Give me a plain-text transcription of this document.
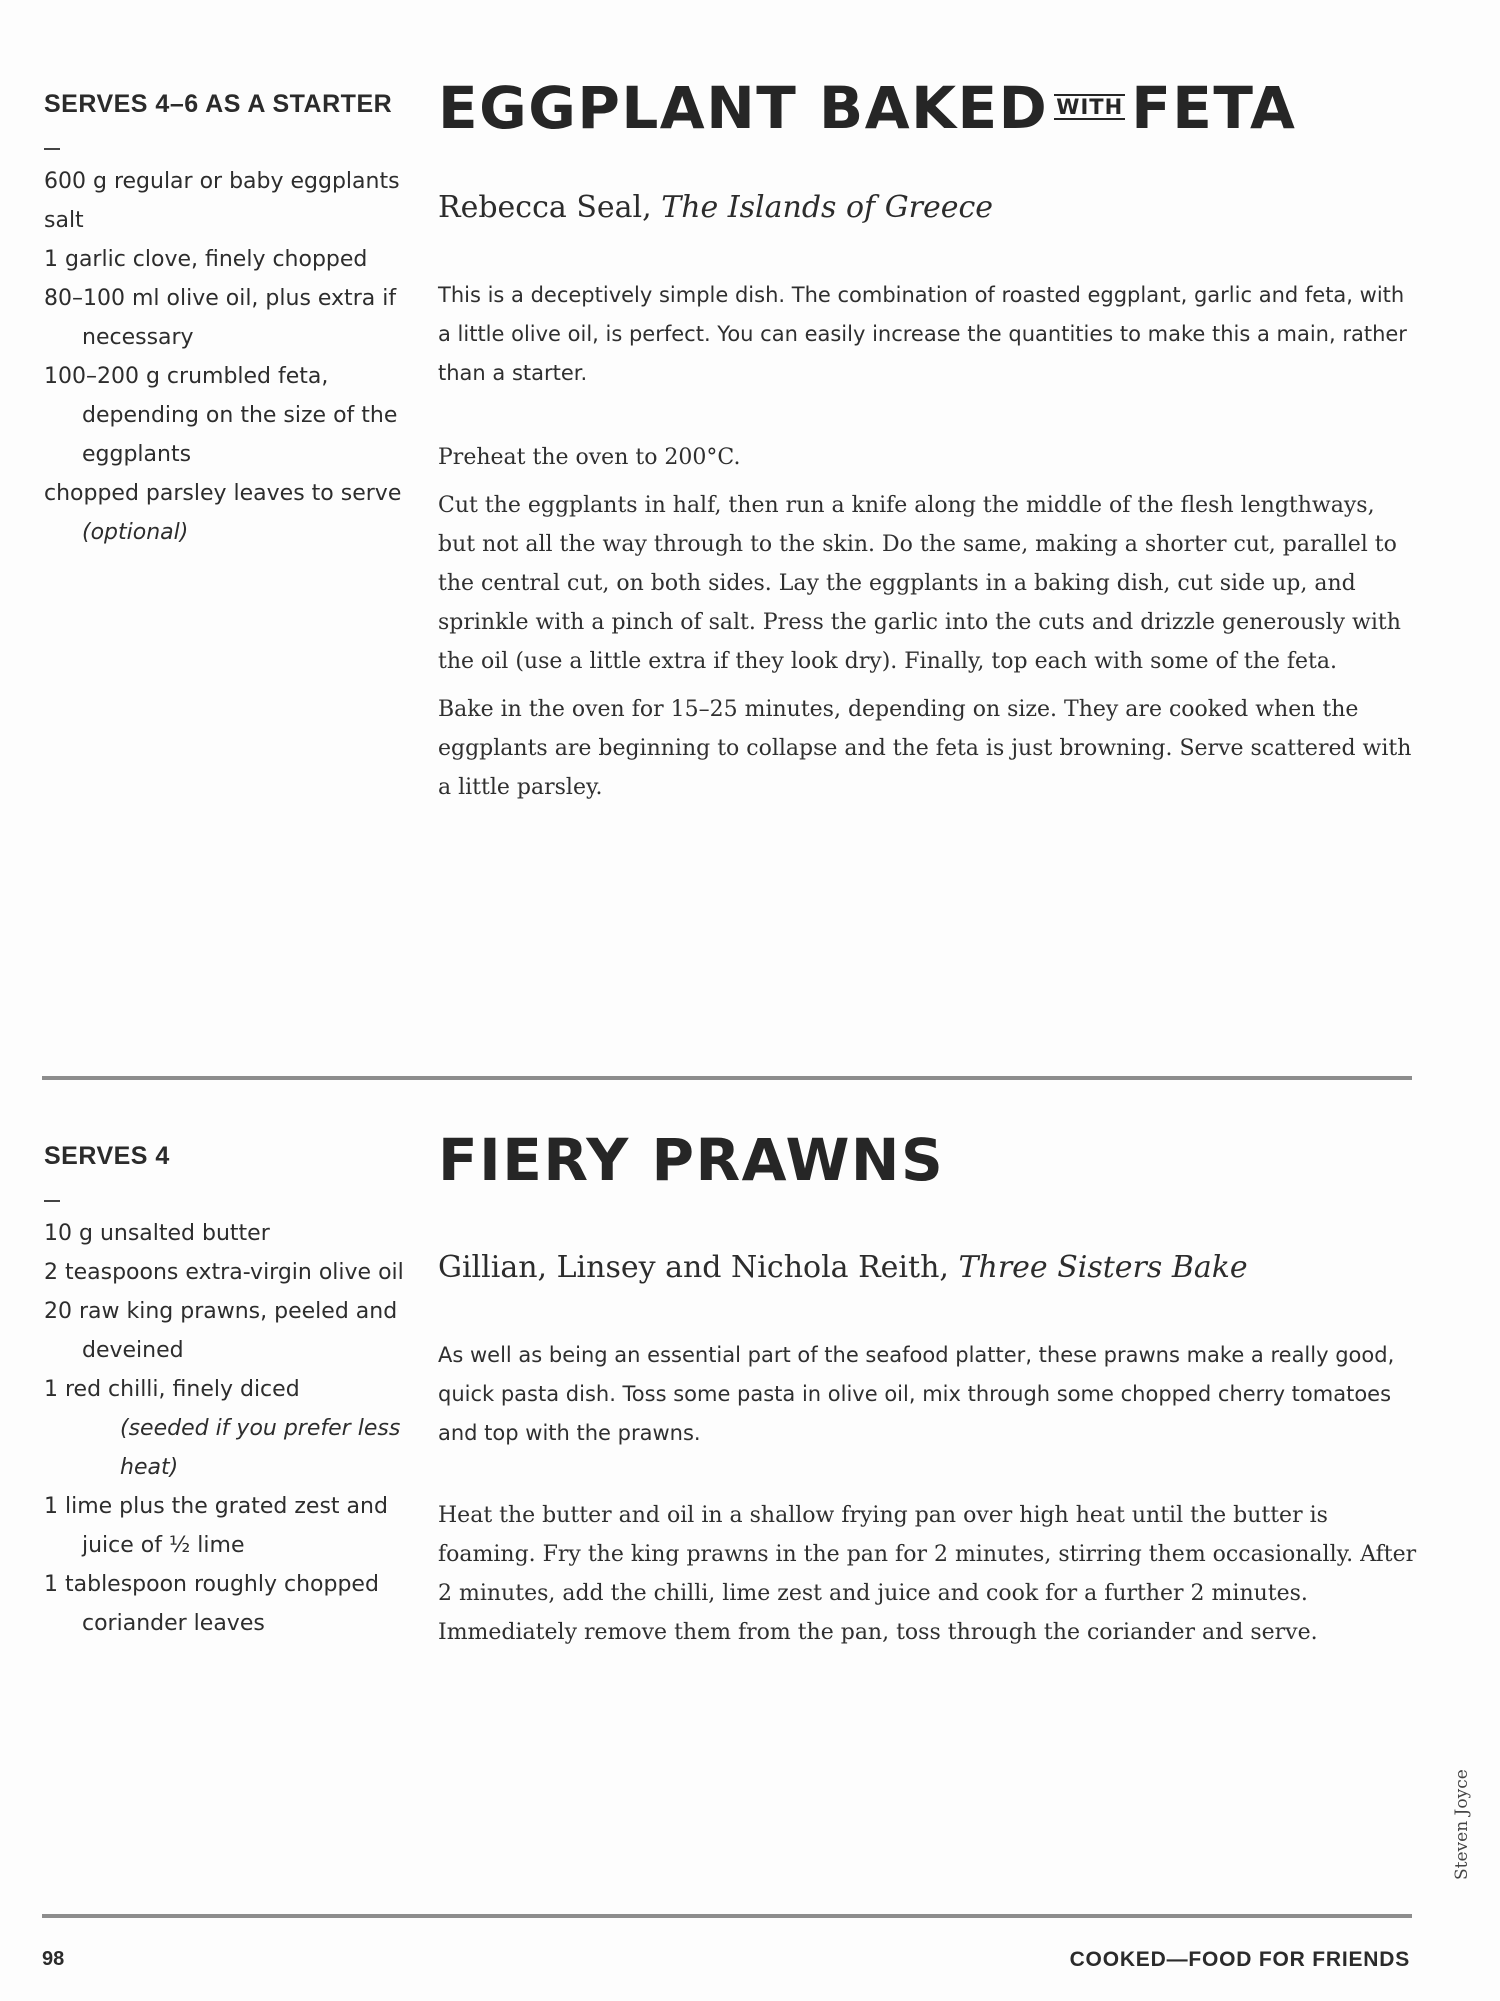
SERVES 4–6 AS A STARTER
600 g regular or baby eggplants
salt
1 garlic clove, finely chopped
80–100 ml olive oil, plus extra if necessary
100–200 g crumbled feta, depending on the size of the eggplants
chopped parsley leaves to serve
(optional)
EGGPLANT BAKED WITH FETA
Rebecca Seal, The Islands of Greece

This is a deceptively simple dish. The combination of roasted eggplant, garlic and feta, with a little olive oil, is perfect. You can easily increase the quantities to make this a main, rather than a starter.

Preheat the oven to 200°C.

Cut the eggplants in half, then run a knife along the middle of the flesh lengthways, but not all the way through to the skin. Do the same, making a shorter cut, parallel to the central cut, on both sides. Lay the eggplants in a baking dish, cut side up, and sprinkle with a pinch of salt. Press the garlic into the cuts and drizzle generously with the oil (use a little extra if they look dry). Finally, top each with some of the feta.

Bake in the oven for 15–25 minutes, depending on size. They are cooked when the eggplants are beginning to collapse and the feta is just browning. Serve scattered with a little parsley.

SERVES 4
10 g unsalted butter
2 teaspoons extra-virgin olive oil
20 raw king prawns, peeled and deveined
1 red chilli, finely diced
(seeded if you prefer less heat)
1 lime plus the grated zest and juice of ½ lime
1 tablespoon roughly chopped coriander leaves
FIERY PRAWNS
Gillian, Linsey and Nichola Reith, Three Sisters Bake

As well as being an essential part of the seafood platter, these prawns make a really good, quick pasta dish. Toss some pasta in olive oil, mix through some chopped cherry tomatoes and top with the prawns.

Heat the butter and oil in a shallow frying pan over high heat until the butter is foaming. Fry the king prawns in the pan for 2 minutes, stirring them occasionally. After 2 minutes, add the chilli, lime zest and juice and cook for a further 2 minutes. Immediately remove them from the pan, toss through the coriander and serve.

98	COOKED—FOOD FOR FRIENDS
Steven Joyce
